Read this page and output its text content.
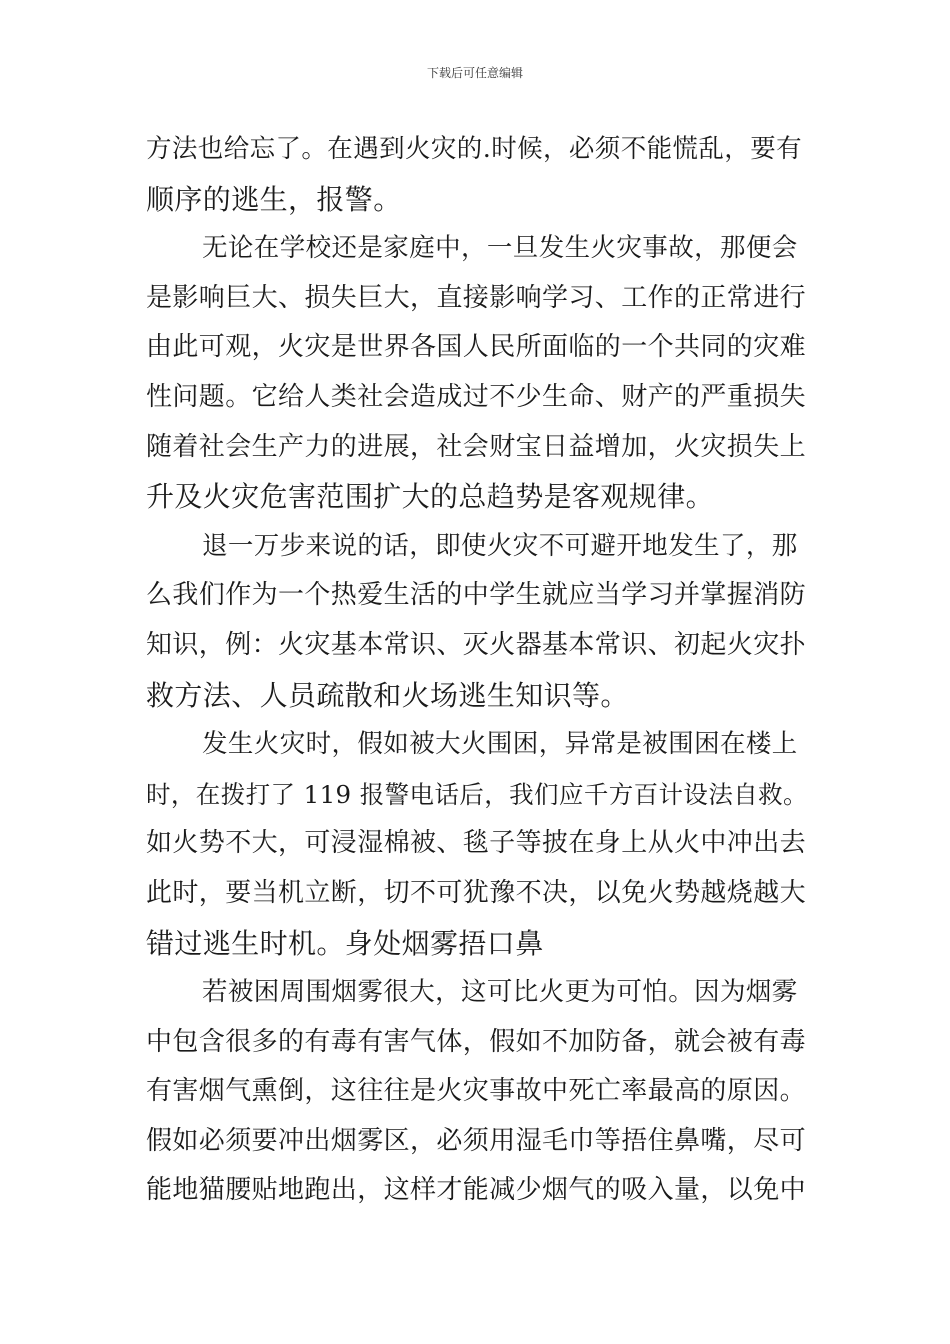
下载后可任意编辑
方法也给忘了。在遇到火灾的.时候，必须不能慌乱，要有
顺序的逃生，报警。
无论在学校还是家庭中，一旦发生火灾事故，那便会
是影响巨大、损失巨大，直接影响学习、工作的正常进行
由此可观，火灾是世界各国人民所面临的一个共同的灾难
性问题。它给人类社会造成过不少生命、财产的严重损失
随着社会生产力的进展，社会财宝日益增加，火灾损失上
升及火灾危害范围扩大的总趋势是客观规律。
退一万步来说的话，即使火灾不可避开地发生了，那
么我们作为一个热爱生活的中学生就应当学习并掌握消防
知识，例：火灾基本常识、灭火器基本常识、初起火灾扑
救方法、人员疏散和火场逃生知识等。
发生火灾时，假如被大火围困，异常是被围困在楼上
时，在拨打了 119 报警电话后，我们应千方百计设法自救。
如火势不大，可浸湿棉被、毯子等披在身上从火中冲出去
此时，要当机立断，切不可犹豫不决，以免火势越烧越大
错过逃生时机。身处烟雾捂口鼻
若被困周围烟雾很大，这可比火更为可怕。因为烟雾
中包含很多的有毒有害气体，假如不加防备，就会被有毒
有害烟气熏倒，这往往是火灾事故中死亡率最高的原因。
假如必须要冲出烟雾区，必须用湿毛巾等捂住鼻嘴，尽可
能地猫腰贴地跑出，这样才能减少烟气的吸入量，以免中
